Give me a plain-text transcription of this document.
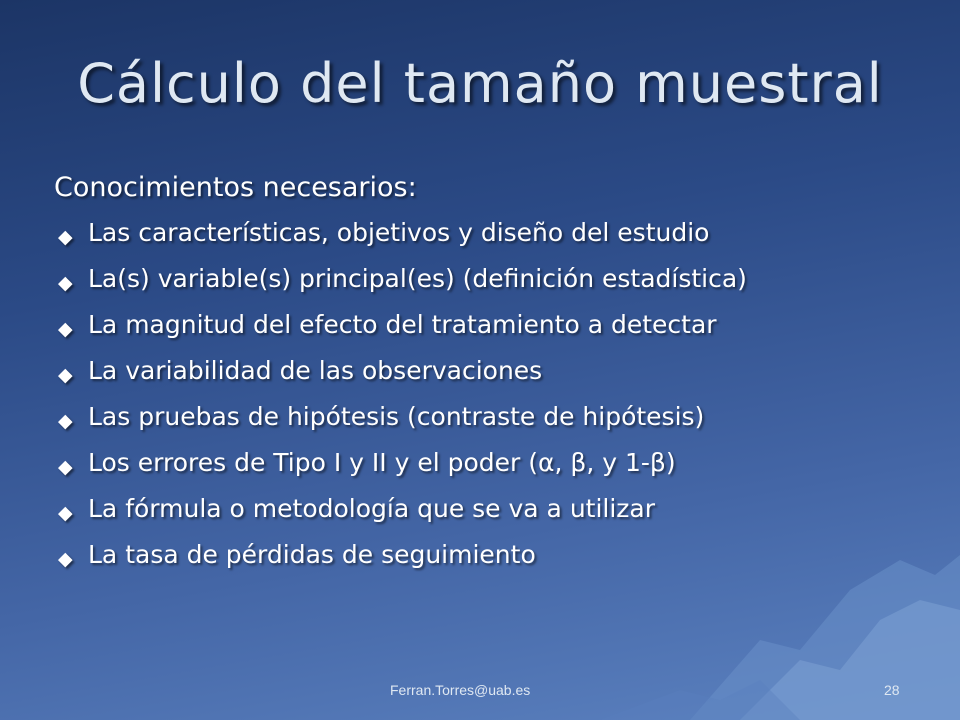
Cálculo del tamaño muestral
Conocimientos necesarios:
◆ Las características, objetivos y diseño del estudio
◆ La(s) variable(s) principal(es) (definición estadística)
◆ La magnitud del efecto del tratamiento a detectar
◆ La variabilidad de las observaciones
◆ Las pruebas de hipótesis (contraste de hipótesis)
◆ Los errores de Tipo I y II y el poder (α, β, y 1-β)
◆ La fórmula o metodología que se va a utilizar
◆ La tasa de pérdidas de seguimiento
Ferran.Torres@uab.es	28
